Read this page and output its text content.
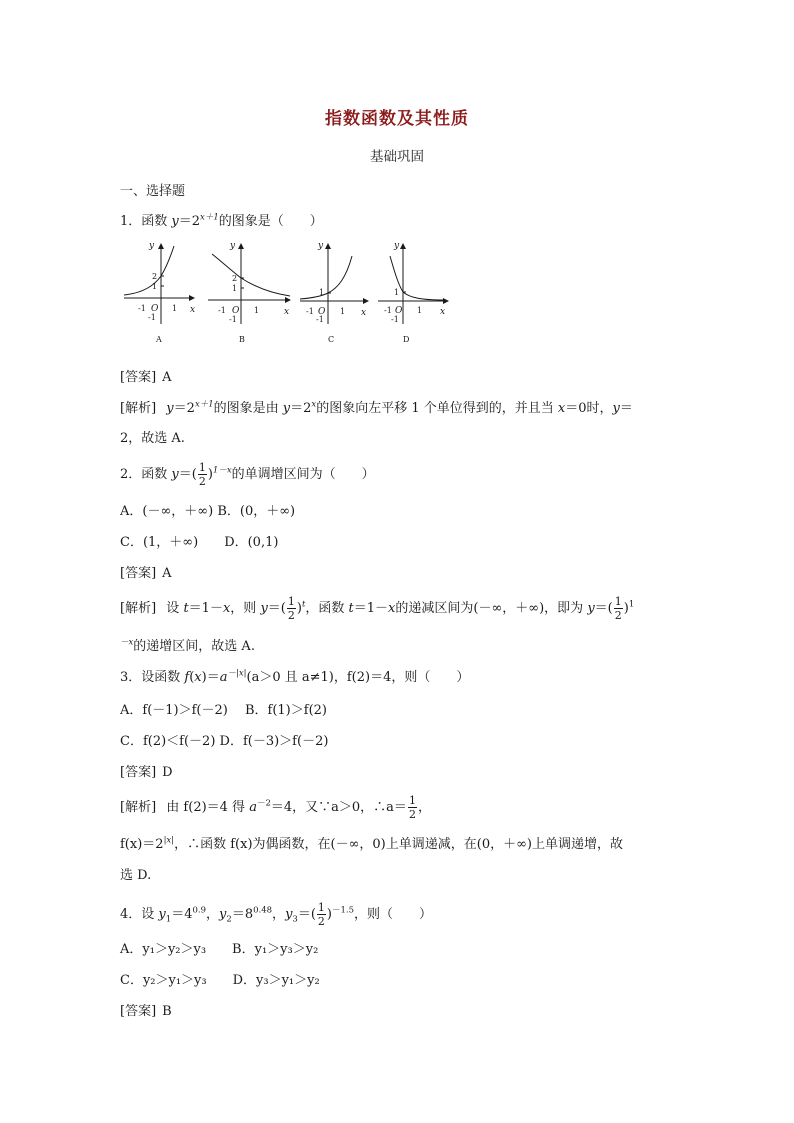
指数函数及其性质
基础巩固
一、选择题
1．函数 $y=2^{x+1}$的图象是（　　）
-1 O 1
2
1
-1
x
y
A
-1 O 1
2
1
-1
x
y
B
-1 O 1
1
-1
x
y
C
-1 O 1
1
-1
x
y
D
[答案] A
[解析] $y=2^{x+1}$的图象是由 $y=2^x$的图象向左平移 1 个单位得到的，并且当 x＝0时，y＝
2，故选 A.
2．函数 $y=( \frac{1}{2} )^{1-x}$的单调增区间为（　　）
A．(－∞，＋∞) B．(0，＋∞)
C．(1，＋∞)　　D．(0,1)
[答案] A
[解析] 设 t＝1－x，则 $y=( \frac{1}{2} )^t$，函数 t＝1－x的递减区间为(－∞，＋∞)，即为 $y=( \frac{1}{2} )^1$
$^{-x}$的递增区间，故选 A.
3．设函数 $f(x)=a^{-|x|}(a>0$ 且 a≠1)，f(2)＝4，则（　　）
A．f(－1)＞f(－2)　 B．f(1)＞f(2)
C．f(2)＜f(－2) D．f(－3)＞f(－2)
[答案] D
[解析] 由 f(2)＝4 得 $a^{-2}=4$，又∵a＞0，∴a＝ $\frac{1}{2}$ ，
$f(x)=2^{|x|}$，∴函数 f(x)为偶函数，在(－∞，0)上单调递减，在(0，＋∞)上单调递增，故
选 D.
4．设 $y_1=4^{0.9}$，$y_2=8^{0.48}$，$y_3=( \frac{1}{2} )^{-1.5}$，则（　　）
A．y₁＞y₂＞y₃　　B．y₁＞y₃＞y₂
C．y₂＞y₁＞y₃　　D．y₃＞y₁＞y₂
[答案] B
